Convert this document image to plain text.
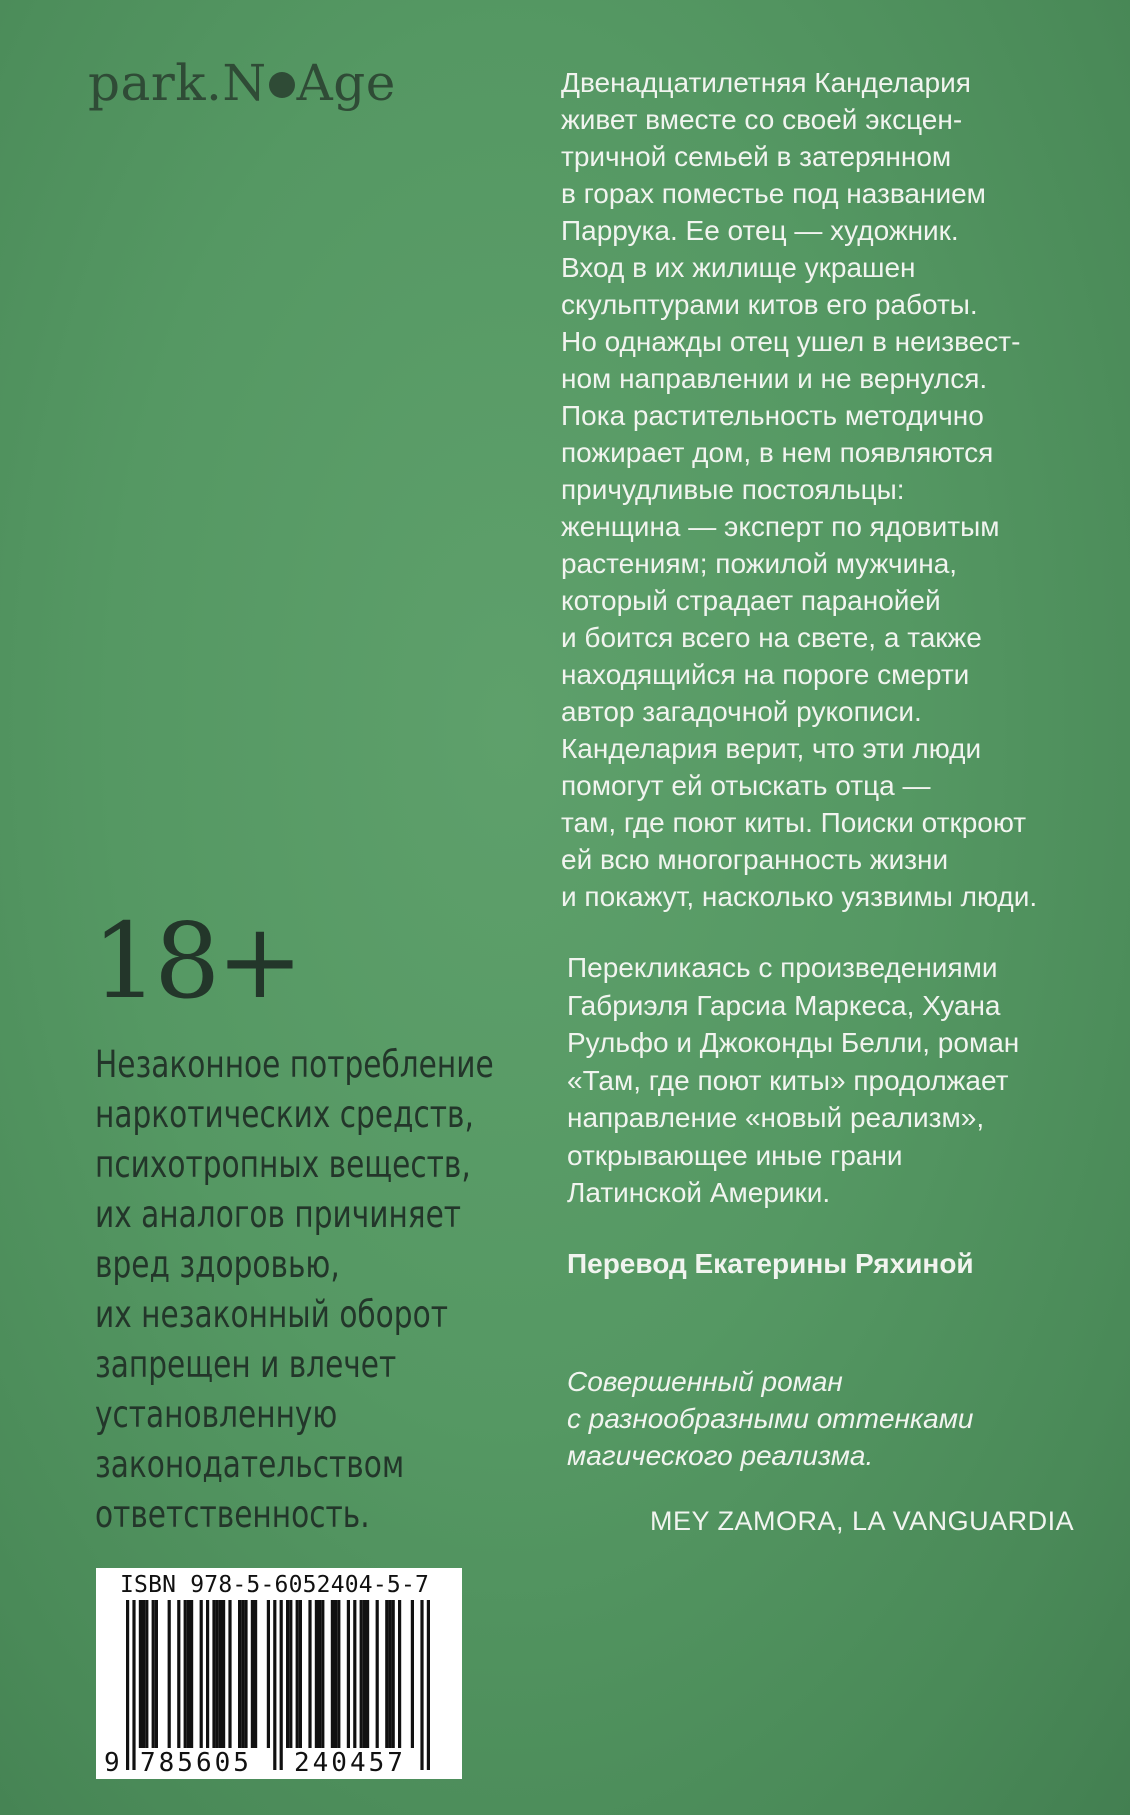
park.N Age
18+
Незаконное потребление
наркотических средств,
психотропных веществ,
их аналогов причиняет
вред здоровью,
их незаконный оборот
запрещен и влечет
установленную
законодательством
ответственность.
Двенадцатилетняя Канделария
живет вместе со своей эксцен-
тричной семьей в затерянном
в горах поместье под названием
Паррука. Ее отец — художник.
Вход в их жилище украшен
скульптурами китов его работы.
Но однажды отец ушел в неизвест-
ном направлении и не вернулся.
Пока растительность методично
пожирает дом, в нем появляются
причудливые постояльцы:
женщина — эксперт по ядовитым
растениям; пожилой мужчина,
который страдает паранойей
и боится всего на свете, а также
находящийся на пороге смерти
автор загадочной рукописи.
Канделария верит, что эти люди
помогут ей отыскать отца —
там, где поют киты. Поиски откроют
ей всю многогранность жизни
и покажут, насколько уязвимы люди.
Перекликаясь с произведениями
Габриэля Гарсиа Маркеса, Хуана
Рульфо и Джоконды Белли, роман
«Там, где поют киты» продолжает
направление «новый реализм»,
открывающее иные грани
Латинской Америки.
Перевод Екатерины Ряхиной
Совершенный роман
с разнообразными оттенками
магического реализма.
MEY ZAMORA, LA VANGUARDIA
ISBN 978-5-6052404-5-7
9 785605 240457
